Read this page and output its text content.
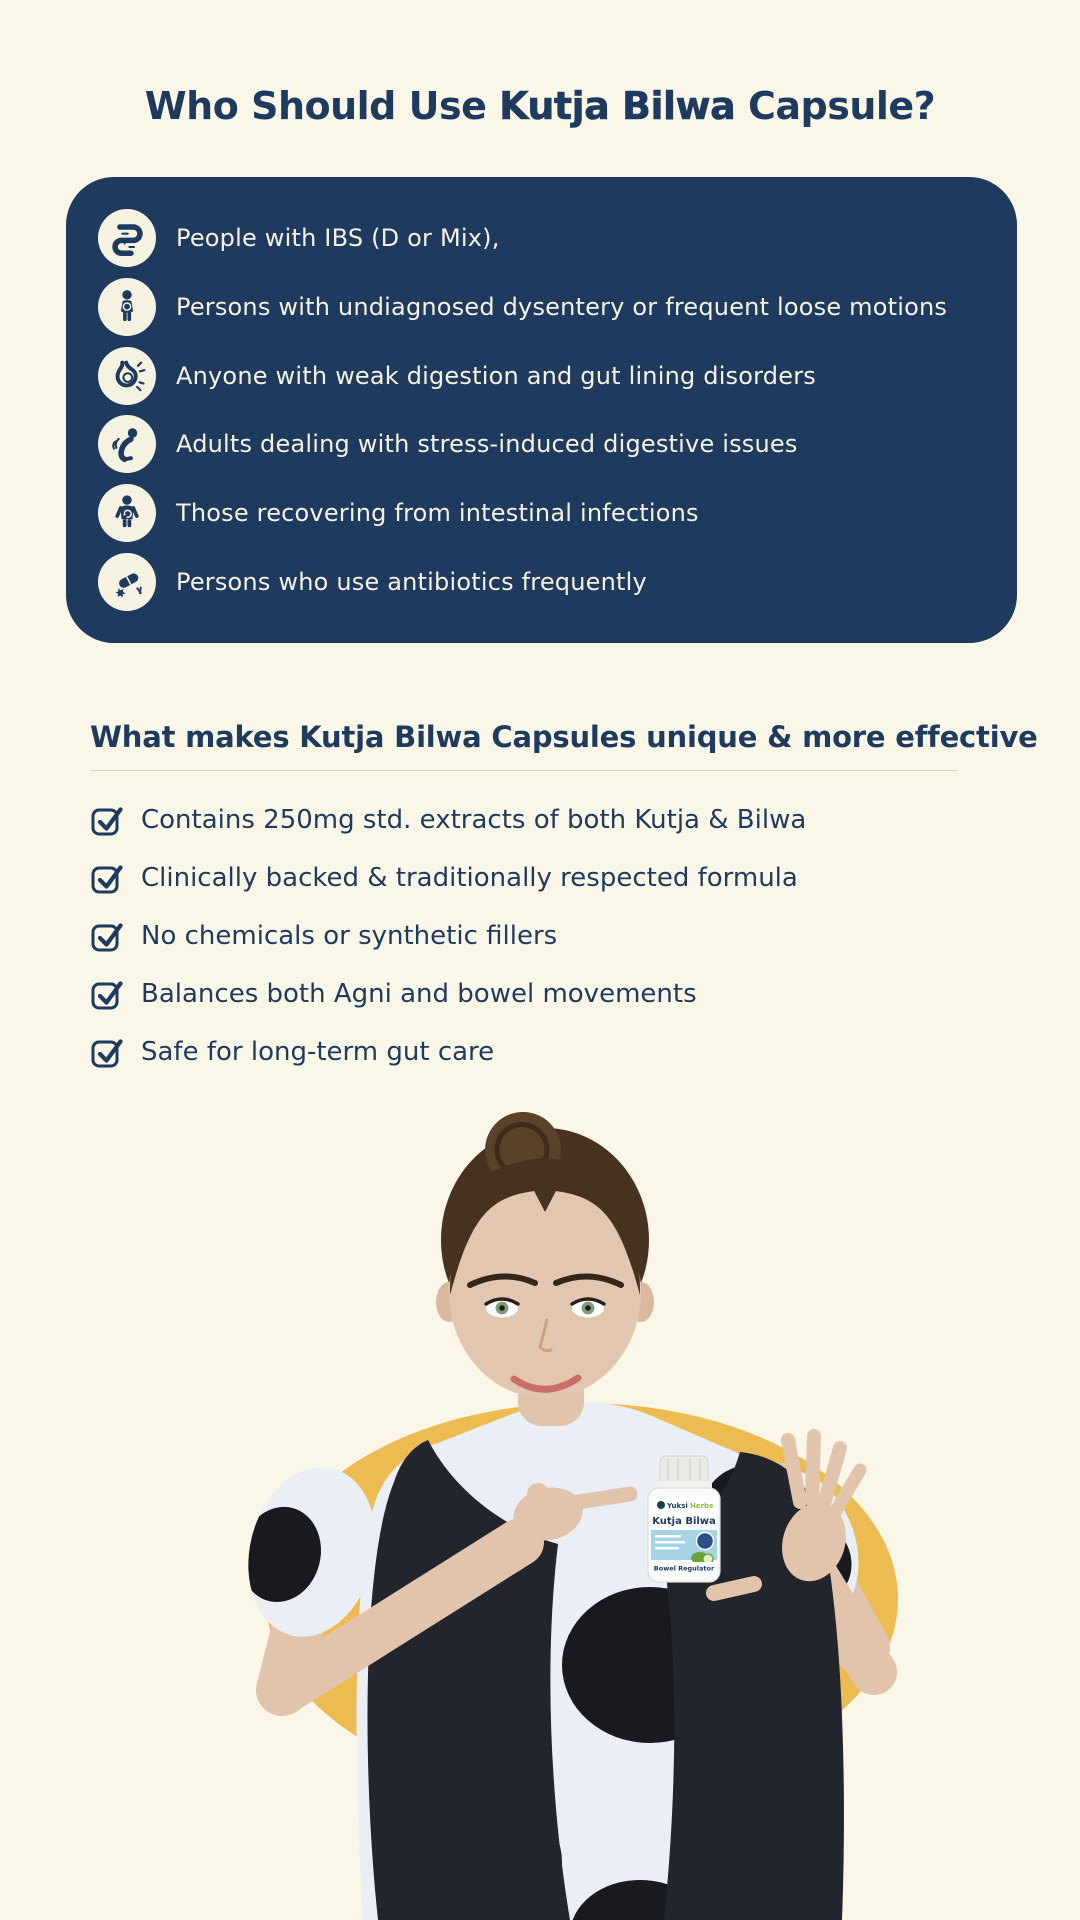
Who Should Use Kutja Bilwa Capsule?
People with IBS (D or Mix),
Persons with undiagnosed dysentery or frequent loose motions
Anyone with weak digestion and gut lining disorders
Adults dealing with stress-induced digestive issues
Those recovering from intestinal infections
Persons who use antibiotics frequently
What makes Kutja Bilwa Capsules unique & more effective
Contains 250mg std. extracts of both Kutja & Bilwa
Clinically backed & traditionally respected formula
No chemicals or synthetic fillers
Balances both Agni and bowel movements
Safe for long-term gut care
Yuksi Herbs
Kutja Bilwa
Bowel Regulator
